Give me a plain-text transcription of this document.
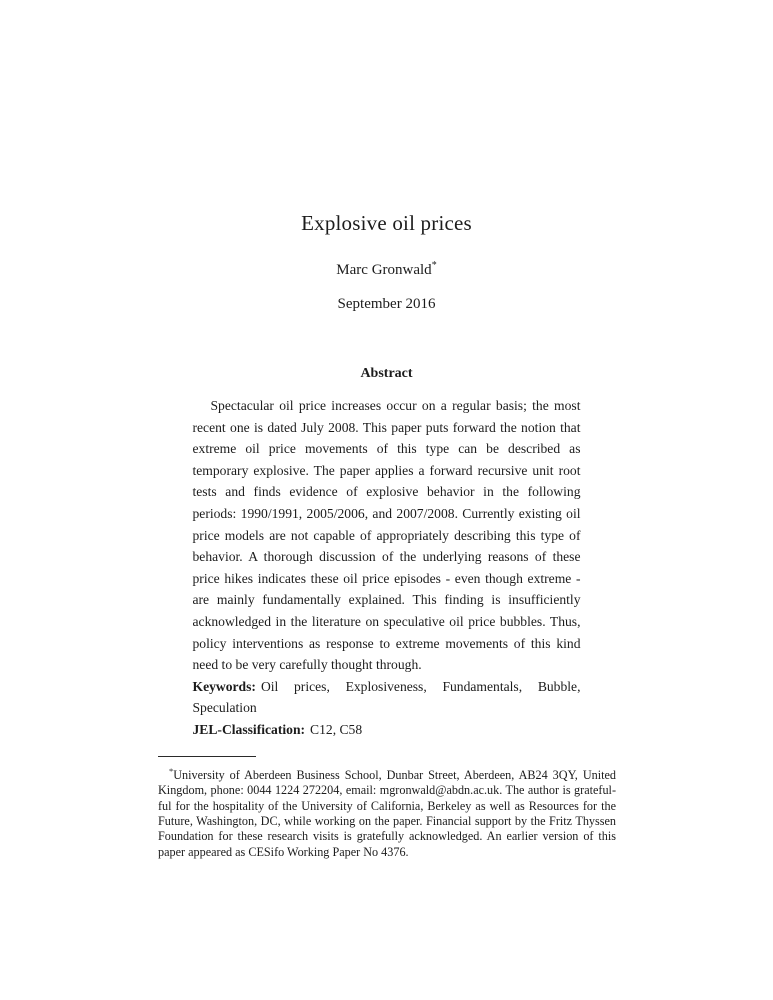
Explosive oil prices
Marc Gronwald*
September 2016
Abstract

Spectacular oil price increases occur on a regular basis; the most recent one is dated July 2008. This paper puts forward the notion that extreme oil price movements of this type can be described as temporary explosive. The paper applies a forward recursive unit root tests and finds evidence of explosive behavior in the following periods: 1990/1991, 2005/2006, and 2007/2008. Currently existing oil price models are not capable of appropriately describing this type of behavior. A thorough discussion of the underlying reasons of these price hikes indicates these oil price episodes - even though extreme - are mainly fundamentally explained. This finding is insufficiently acknowledged in the literature on speculative oil price bubbles. Thus, policy interventions as response to extreme movements of this kind need to be very carefully thought through.

Keywords: Oil prices, Explosiveness, Fundamentals, Bubble, Speculation

JEL-Classification: C12, C58

*University of Aberdeen Business School, Dunbar Street, Aberdeen, AB24 3QY, United Kingdom, phone: 0044 1224 272204, email: mgronwald@abdn.ac.uk. The author is grateful-ful for the hospitality of the University of California, Berkeley as well as Resources for the Future, Washington, DC, while working on the paper. Financial support by the Fritz Thyssen Foundation for these research visits is gratefully acknowledged. An earlier version of this paper appeared as CESifo Working Paper No 4376.
